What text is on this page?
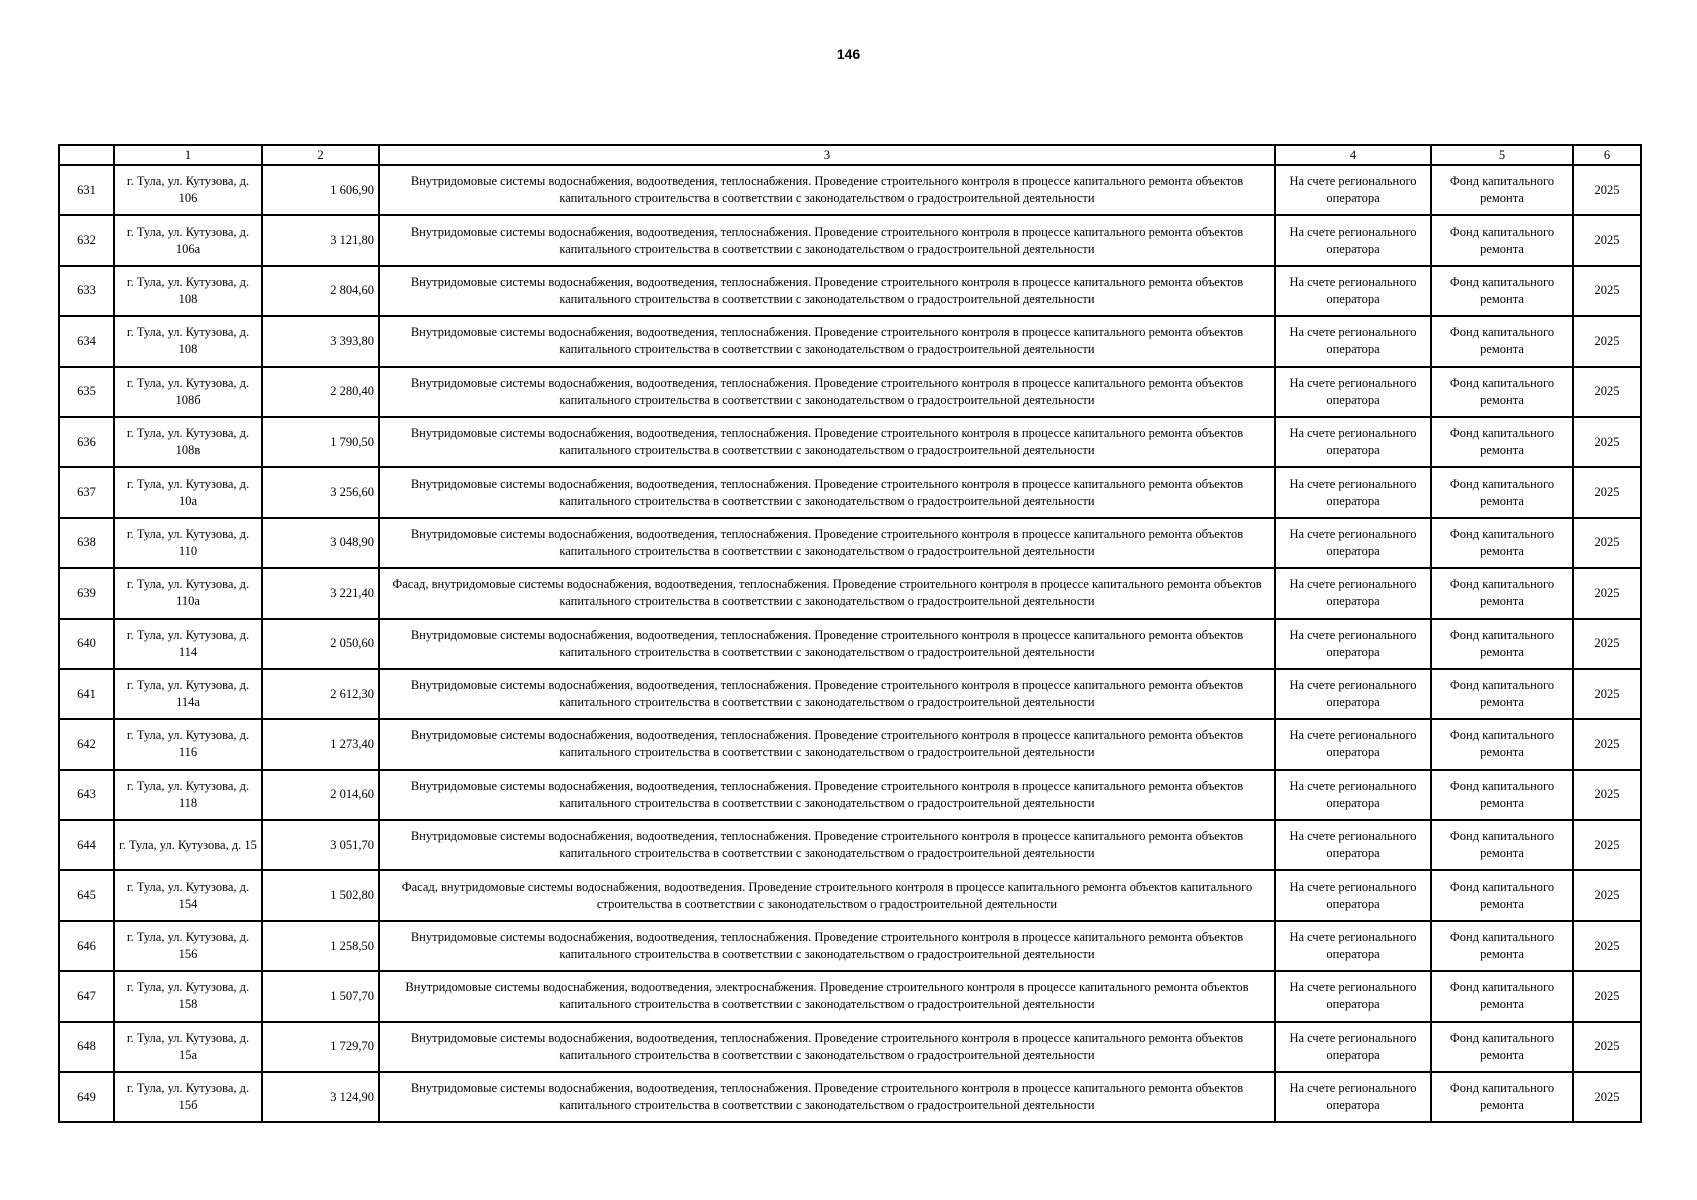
146
	1	2	3	4	5	6
631	г. Тула, ул. Кутузова, д. 106	1 606,90	Внутридомовые системы водоснабжения, водоотведения, теплоснабжения. Проведение строительного контроля в процессе капитального ремонта объектов капитального строительства в соответствии с законодательством о градостроительной деятельности	На счете регионального оператора	Фонд капитального ремонта	2025
632	г. Тула, ул. Кутузова, д. 106а	3 121,80	Внутридомовые системы водоснабжения, водоотведения, теплоснабжения. Проведение строительного контроля в процессе капитального ремонта объектов капитального строительства в соответствии с законодательством о градостроительной деятельности	На счете регионального оператора	Фонд капитального ремонта	2025
633	г. Тула, ул. Кутузова, д. 108	2 804,60	Внутридомовые системы водоснабжения, водоотведения, теплоснабжения. Проведение строительного контроля в процессе капитального ремонта объектов капитального строительства в соответствии с законодательством о градостроительной деятельности	На счете регионального оператора	Фонд капитального ремонта	2025
634	г. Тула, ул. Кутузова, д. 108	3 393,80	Внутридомовые системы водоснабжения, водоотведения, теплоснабжения. Проведение строительного контроля в процессе капитального ремонта объектов капитального строительства в соответствии с законодательством о градостроительной деятельности	На счете регионального оператора	Фонд капитального ремонта	2025
635	г. Тула, ул. Кутузова, д. 108б	2 280,40	Внутридомовые системы водоснабжения, водоотведения, теплоснабжения. Проведение строительного контроля в процессе капитального ремонта объектов капитального строительства в соответствии с законодательством о градостроительной деятельности	На счете регионального оператора	Фонд капитального ремонта	2025
636	г. Тула, ул. Кутузова, д. 108в	1 790,50	Внутридомовые системы водоснабжения, водоотведения, теплоснабжения. Проведение строительного контроля в процессе капитального ремонта объектов капитального строительства в соответствии с законодательством о градостроительной деятельности	На счете регионального оператора	Фонд капитального ремонта	2025
637	г. Тула, ул. Кутузова, д. 10а	3 256,60	Внутридомовые системы водоснабжения, водоотведения, теплоснабжения. Проведение строительного контроля в процессе капитального ремонта объектов капитального строительства в соответствии с законодательством о градостроительной деятельности	На счете регионального оператора	Фонд капитального ремонта	2025
638	г. Тула, ул. Кутузова, д. 110	3 048,90	Внутридомовые системы водоснабжения, водоотведения, теплоснабжения. Проведение строительного контроля в процессе капитального ремонта объектов капитального строительства в соответствии с законодательством о градостроительной деятельности	На счете регионального оператора	Фонд капитального ремонта	2025
639	г. Тула, ул. Кутузова, д. 110а	3 221,40	Фасад, внутридомовые системы водоснабжения, водоотведения, теплоснабжения. Проведение строительного контроля в процессе капитального ремонта объектов капитального строительства в соответствии с законодательством о градостроительной деятельности	На счете регионального оператора	Фонд капитального ремонта	2025
640	г. Тула, ул. Кутузова, д. 114	2 050,60	Внутридомовые системы водоснабжения, водоотведения, теплоснабжения. Проведение строительного контроля в процессе капитального ремонта объектов капитального строительства в соответствии с законодательством о градостроительной деятельности	На счете регионального оператора	Фонд капитального ремонта	2025
641	г. Тула, ул. Кутузова, д. 114а	2 612,30	Внутридомовые системы водоснабжения, водоотведения, теплоснабжения. Проведение строительного контроля в процессе капитального ремонта объектов капитального строительства в соответствии с законодательством о градостроительной деятельности	На счете регионального оператора	Фонд капитального ремонта	2025
642	г. Тула, ул. Кутузова, д. 116	1 273,40	Внутридомовые системы водоснабжения, водоотведения, теплоснабжения. Проведение строительного контроля в процессе капитального ремонта объектов капитального строительства в соответствии с законодательством о градостроительной деятельности	На счете регионального оператора	Фонд капитального ремонта	2025
643	г. Тула, ул. Кутузова, д. 118	2 014,60	Внутридомовые системы водоснабжения, водоотведения, теплоснабжения. Проведение строительного контроля в процессе капитального ремонта объектов капитального строительства в соответствии с законодательством о градостроительной деятельности	На счете регионального оператора	Фонд капитального ремонта	2025
644	г. Тула, ул. Кутузова, д. 15	3 051,70	Внутридомовые системы водоснабжения, водоотведения, теплоснабжения. Проведение строительного контроля в процессе капитального ремонта объектов капитального строительства в соответствии с законодательством о градостроительной деятельности	На счете регионального оператора	Фонд капитального ремонта	2025
645	г. Тула, ул. Кутузова, д. 154	1 502,80	Фасад, внутридомовые системы водоснабжения, водоотведения. Проведение строительного контроля в процессе капитального ремонта объектов капитального строительства в соответствии с законодательством о градостроительной деятельности	На счете регионального оператора	Фонд капитального ремонта	2025
646	г. Тула, ул. Кутузова, д. 156	1 258,50	Внутридомовые системы водоснабжения, водоотведения, теплоснабжения. Проведение строительного контроля в процессе капитального ремонта объектов капитального строительства в соответствии с законодательством о градостроительной деятельности	На счете регионального оператора	Фонд капитального ремонта	2025
647	г. Тула, ул. Кутузова, д. 158	1 507,70	Внутридомовые системы водоснабжения, водоотведения, электроснабжения. Проведение строительного контроля в процессе капитального ремонта объектов капитального строительства в соответствии с законодательством о градостроительной деятельности	На счете регионального оператора	Фонд капитального ремонта	2025
648	г. Тула, ул. Кутузова, д. 15а	1 729,70	Внутридомовые системы водоснабжения, водоотведения, теплоснабжения. Проведение строительного контроля в процессе капитального ремонта объектов капитального строительства в соответствии с законодательством о градостроительной деятельности	На счете регионального оператора	Фонд капитального ремонта	2025
649	г. Тула, ул. Кутузова, д. 15б	3 124,90	Внутридомовые системы водоснабжения, водоотведения, теплоснабжения. Проведение строительного контроля в процессе капитального ремонта объектов капитального строительства в соответствии с законодательством о градостроительной деятельности	На счете регионального оператора	Фонд капитального ремонта	2025
